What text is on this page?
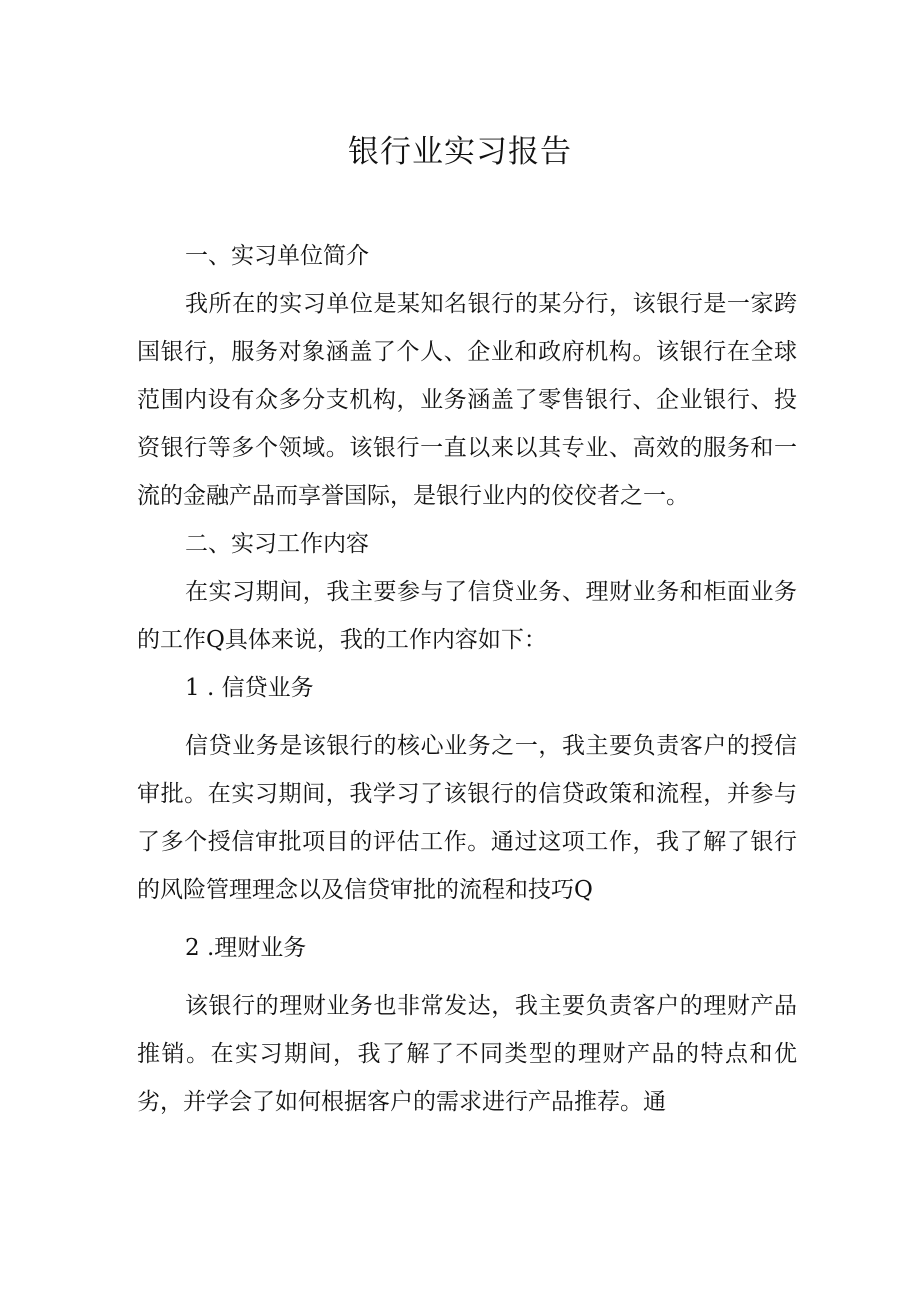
银行业实习报告

一、实习单位简介

我所在的实习单位是某知名银行的某分行，该银行是一家跨国银行，服务对象涵盖了个人、企业和政府机构。该银行在全球范围内设有众多分支机构，业务涵盖了零售银行、企业银行、投资银行等多个领域。该银行一直以来以其专业、高效的服务和一流的金融产品而享誉国际，是银行业内的佼佼者之一。

二、实习工作内容

在实习期间，我主要参与了信贷业务、理财业务和柜面业务的工作Q具体来说，我的工作内容如下：

1 . 信贷业务

信贷业务是该银行的核心业务之一，我主要负责客户的授信审批。在实习期间，我学习了该银行的信贷政策和流程，并参与了多个授信审批项目的评估工作。通过这项工作，我了解了银行的风险管理理念以及信贷审批的流程和技巧Q

2 .理财业务

该银行的理财业务也非常发达，我主要负责客户的理财产品推销。在实习期间，我了解了不同类型的理财产品的特点和优劣，并学会了如何根据客户的需求进行产品推荐。通
